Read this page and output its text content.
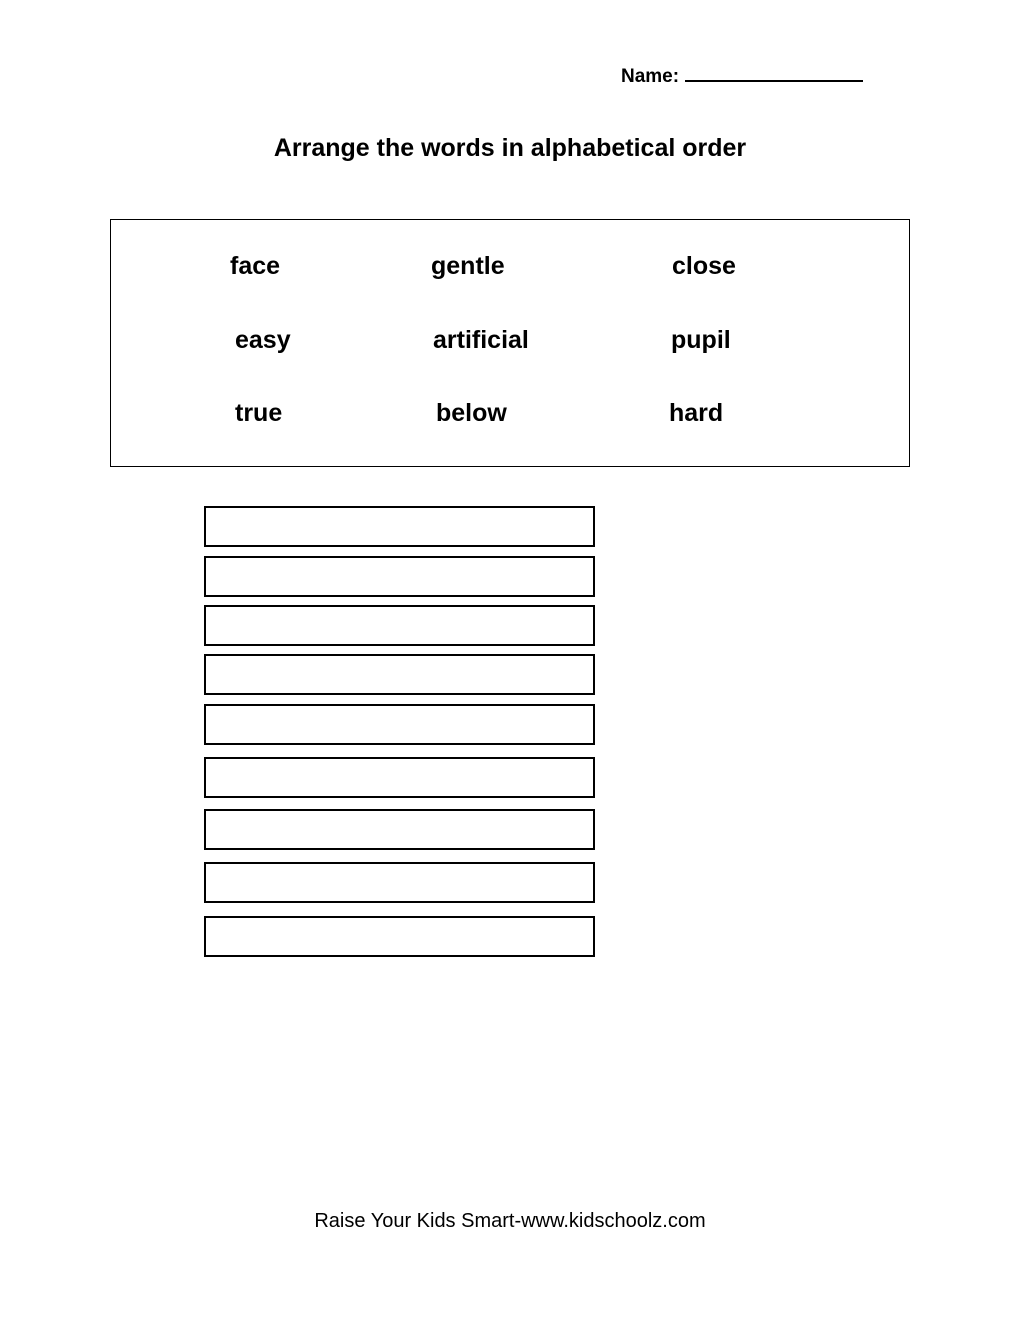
Name:
Arrange the words in alphabetical order
face	gentle	close
easy	artificial	pupil
true	below	hard
Raise Your Kids Smart-www.kidschoolz.com
